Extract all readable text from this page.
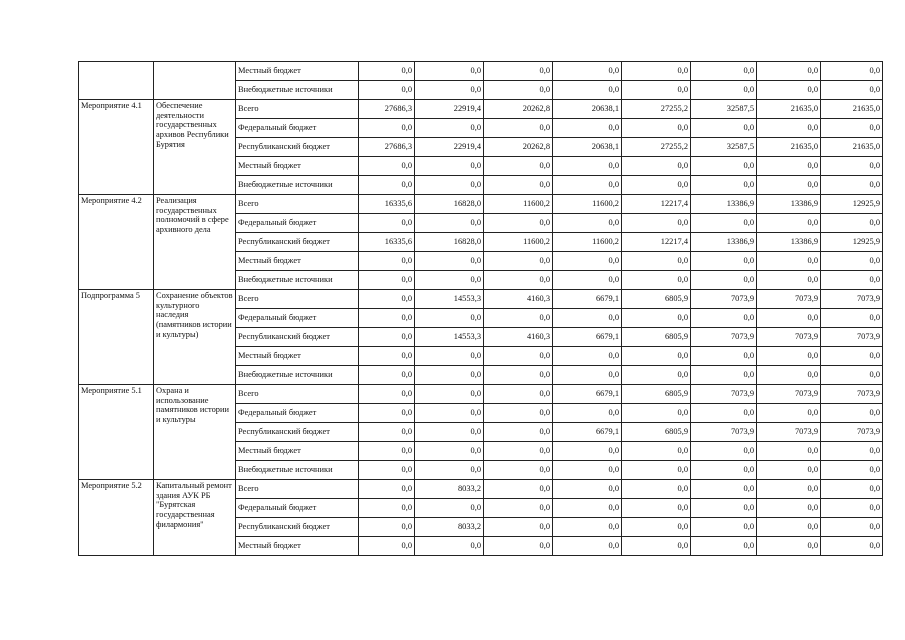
		Местный бюджет	0,0	0,0	0,0	0,0	0,0	0,0	0,0	0,0
		Внебюджетные источники	0,0	0,0	0,0	0,0	0,0	0,0	0,0	0,0
Мероприятие 4.1	Обеспечение деятельности государственных архивов Республики Бурятия	Всего	27686,3	22919,4	20262,8	20638,1	27255,2	32587,5	21635,0	21635,0
		Федеральный бюджет	0,0	0,0	0,0	0,0	0,0	0,0	0,0	0,0
		Республиканский бюджет	27686,3	22919,4	20262,8	20638,1	27255,2	32587,5	21635,0	21635,0
		Местный бюджет	0,0	0,0	0,0	0,0	0,0	0,0	0,0	0,0
		Внебюджетные источники	0,0	0,0	0,0	0,0	0,0	0,0	0,0	0,0
Мероприятие 4.2	Реализация государственных полномочий в сфере архивного дела	Всего	16335,6	16828,0	11600,2	11600,2	12217,4	13386,9	13386,9	12925,9
		Федеральный бюджет	0,0	0,0	0,0	0,0	0,0	0,0	0,0	0,0
		Республиканский бюджет	16335,6	16828,0	11600,2	11600,2	12217,4	13386,9	13386,9	12925,9
		Местный бюджет	0,0	0,0	0,0	0,0	0,0	0,0	0,0	0,0
		Внебюджетные источники	0,0	0,0	0,0	0,0	0,0	0,0	0,0	0,0
Подпрограмма 5	Сохранение объектов культурного наследия (памятников истории и культуры)	Всего	0,0	14553,3	4160,3	6679,1	6805,9	7073,9	7073,9	7073,9
		Федеральный бюджет	0,0	0,0	0,0	0,0	0,0	0,0	0,0	0,0
		Республиканский бюджет	0,0	14553,3	4160,3	6679,1	6805,9	7073,9	7073,9	7073,9
		Местный бюджет	0,0	0,0	0,0	0,0	0,0	0,0	0,0	0,0
		Внебюджетные источники	0,0	0,0	0,0	0,0	0,0	0,0	0,0	0,0
Мероприятие 5.1	Охрана и использование памятников истории и культуры	Всего	0,0	0,0	0,0	6679,1	6805,9	7073,9	7073,9	7073,9
		Федеральный бюджет	0,0	0,0	0,0	0,0	0,0	0,0	0,0	0,0
		Республиканский бюджет	0,0	0,0	0,0	6679,1	6805,9	7073,9	7073,9	7073,9
		Местный бюджет	0,0	0,0	0,0	0,0	0,0	0,0	0,0	0,0
		Внебюджетные источники	0,0	0,0	0,0	0,0	0,0	0,0	0,0	0,0
Мероприятие 5.2	Капитальный ремонт здания АУК РБ "Бурятская государственная филармония"	Всего	0,0	8033,2	0,0	0,0	0,0	0,0	0,0	0,0
		Федеральный бюджет	0,0	0,0	0,0	0,0	0,0	0,0	0,0	0,0
		Республиканский бюджет	0,0	8033,2	0,0	0,0	0,0	0,0	0,0	0,0
		Местный бюджет	0,0	0,0	0,0	0,0	0,0	0,0	0,0	0,0
